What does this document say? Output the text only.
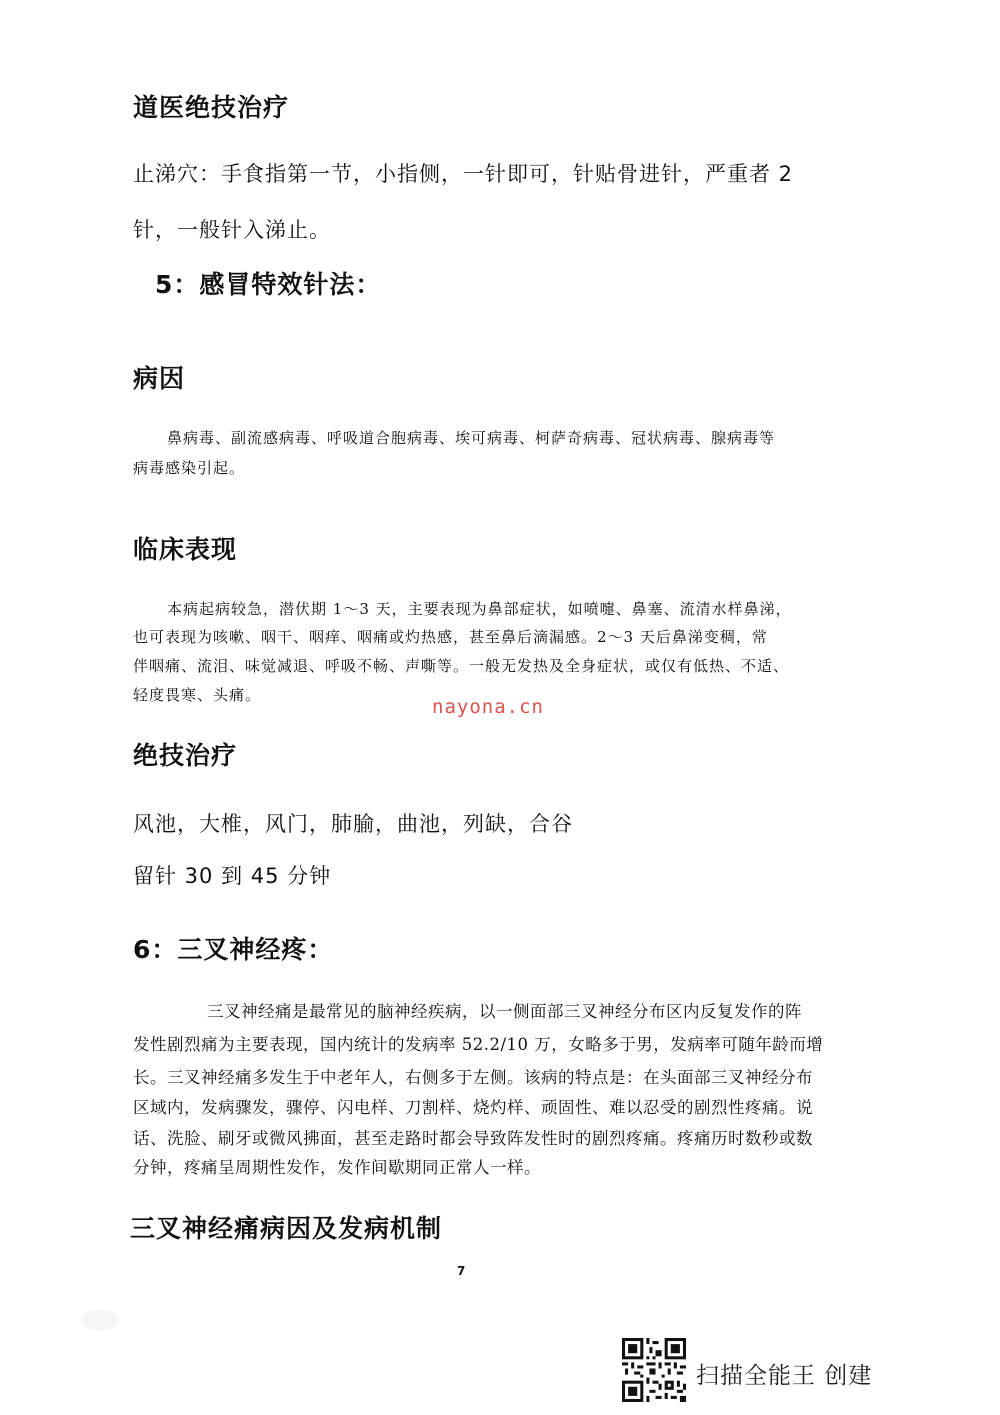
道医绝技治疗
止涕穴：手食指第一节，小指侧，一针即可，针贴骨进针，严重者 2
针，一般针入涕止。
5：感冒特效针法：
病因
鼻病毒、副流感病毒、呼吸道合胞病毒、埃可病毒、柯萨奇病毒、冠状病毒、腺病毒等
病毒感染引起。
临床表现
本病起病较急，潜伏期 1～3 天，主要表现为鼻部症状，如喷嚏、鼻塞、流清水样鼻涕，
也可表现为咳嗽、咽干、咽痒、咽痛或灼热感，甚至鼻后滴漏感。2～3 天后鼻涕变稠，常
伴咽痛、流泪、味觉减退、呼吸不畅、声嘶等。一般无发热及全身症状，或仅有低热、不适、
轻度畏寒、头痛。
nayona.cn
绝技治疗
风池，大椎，风门，肺腧，曲池，列缺，合谷
留针 30 到 45 分钟
6：三叉神经疼：
三叉神经痛是最常见的脑神经疾病，以一侧面部三叉神经分布区内反复发作的阵
发性剧烈痛为主要表现，国内统计的发病率 52.2/10 万，女略多于男，发病率可随年龄而增
长。三叉神经痛多发生于中老年人，右侧多于左侧。该病的特点是：在头面部三叉神经分布
区域内，发病骤发，骤停、闪电样、刀割样、烧灼样、顽固性、难以忍受的剧烈性疼痛。说
话、洗脸、刷牙或微风拂面，甚至走路时都会导致阵发性时的剧烈疼痛。疼痛历时数秒或数
分钟，疼痛呈周期性发作，发作间歇期同正常人一样。
三叉神经痛病因及发病机制
7
扫描全能王 创建
